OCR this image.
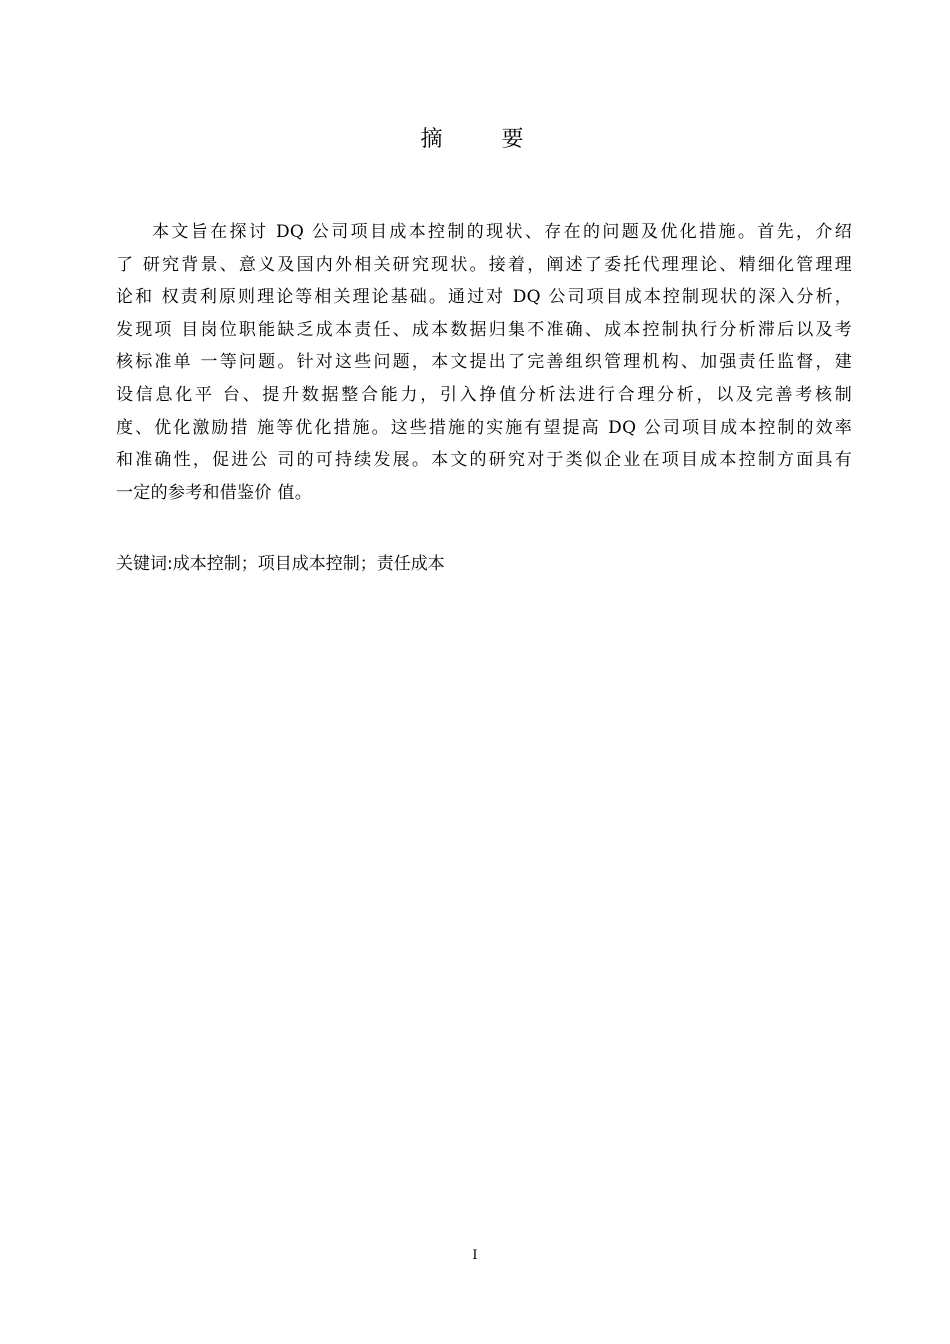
摘 要
本文旨在探讨 DQ 公司项目成本控制的现状、存在的问题及优化措施。首先，介绍
了 研究背景、意义及国内外相关研究现状。接着，阐述了委托代理理论、精细化管理理
论和 权责利原则理论等相关理论基础。通过对 DQ 公司项目成本控制现状的深入分析，
发现项 目岗位职能缺乏成本责任、成本数据归集不准确、成本控制执行分析滞后以及考
核标准单 一等问题。针对这些问题，本文提出了完善组织管理机构、加强责任监督，建
设信息化平 台、提升数据整合能力，引入挣值分析法进行合理分析，以及完善考核制
度、优化激励措 施等优化措施。这些措施的实施有望提高 DQ 公司项目成本控制的效率
和准确性，促进公 司的可持续发展。本文的研究对于类似企业在项目成本控制方面具有
一定的参考和借鉴价 值。
关键词:成本控制；项目成本控制；责任成本
I
